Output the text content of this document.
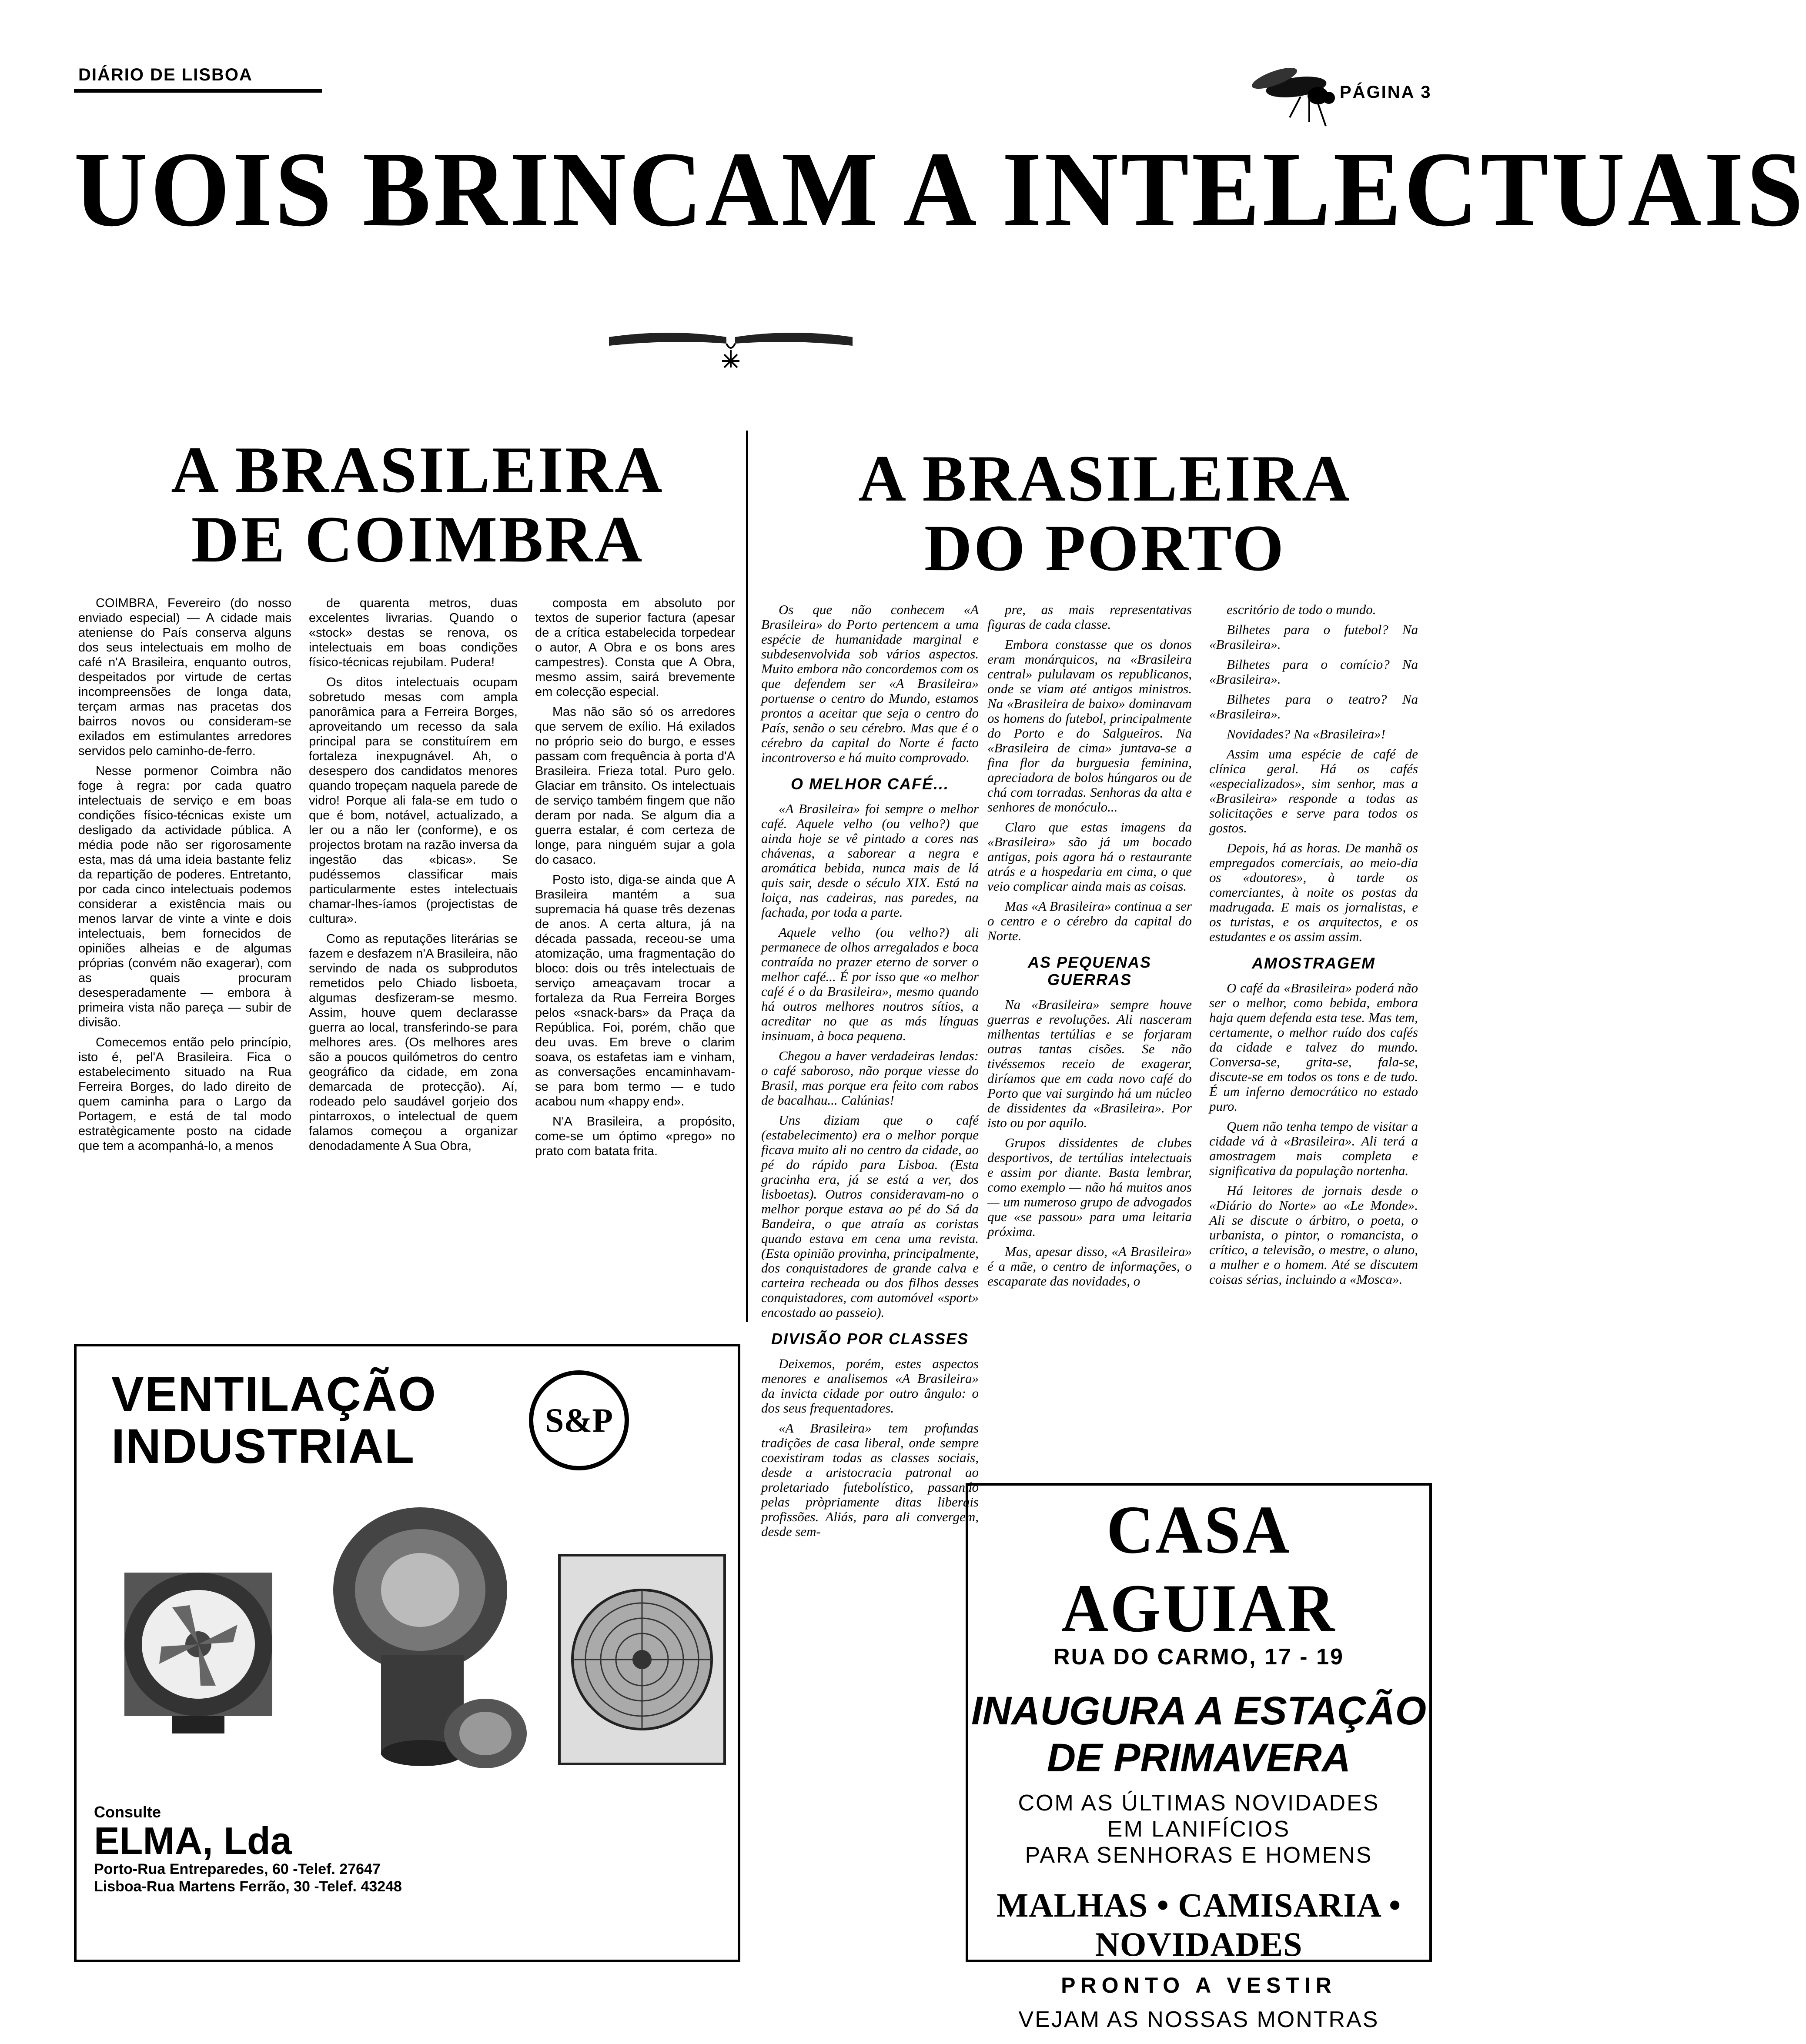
DIÁRIO DE LISBOA
PÁGINA 3
UOIS BRINCAM A INTELECTUAIS
A BRASILEIRA
DE COIMBRA

COIMBRA, Fevereiro (do nosso enviado especial) — A cidade mais ateniense do País conserva alguns dos seus intelectuais em molho de café n'A Brasileira, enquanto outros, despeitados por virtude de certas incompreensões de longa data, terçam armas nas pracetas dos bairros novos ou consideram-se exilados em estimulantes arredores servidos pelo caminho-de-ferro.

Nesse pormenor Coimbra não foge à regra: por cada quatro intelectuais de serviço e em boas condições físico-técnicas existe um desligado da actividade pública. A média pode não ser rigorosamente esta, mas dá uma ideia bastante feliz da repartição de poderes. Entretanto, por cada cinco intelectuais podemos considerar a existência mais ou menos larvar de vinte a vinte e dois intelectuais, bem fornecidos de opiniões alheias e de algumas próprias (convém não exagerar), com as quais procuram desesperadamente — embora à primeira vista não pareça — subir de divisão.

Comecemos então pelo princípio, isto é, pel'A Brasileira. Fica o estabelecimento situado na Rua Ferreira Borges, do lado direito de quem caminha para o Largo da Portagem, e está de tal modo estratègicamente posto na cidade que tem a acompanhá-lo, a menos

de quarenta metros, duas excelentes livrarias. Quando o «stock» destas se renova, os intelectuais em boas condições físico-técnicas rejubilam. Pudera!

Os ditos intelectuais ocupam sobretudo mesas com ampla panorâmica para a Ferreira Borges, aproveitando um recesso da sala principal para se constituírem em fortaleza inexpugnável. Ah, o desespero dos candidatos menores quando tropeçam naquela parede de vidro! Porque ali fala-se em tudo o que é bom, notável, actualizado, a ler ou a não ler (conforme), e os projectos brotam na razão inversa da ingestão das «bicas». Se pudéssemos classificar mais particularmente estes intelectuais chamar-lhes-íamos (projectistas de cultura».

Como as reputações literárias se fazem e desfazem n'A Brasileira, não servindo de nada os subprodutos remetidos pelo Chiado lisboeta, algumas desfizeram-se mesmo. Assim, houve quem declarasse guerra ao local, transferindo-se para melhores ares. (Os melhores ares são a poucos quilómetros do centro geográfico da cidade, em zona demarcada de protecção). Aí, rodeado pelo saudável gorjeio dos pintarroxos, o intelectual de quem falamos começou a organizar denodadamente A Sua Obra,

composta em absoluto por textos de superior factura (apesar de a crítica estabelecida torpedear o autor, A Obra e os bons ares campestres). Consta que A Obra, mesmo assim, sairá brevemente em colecção especial.

Mas não são só os arredores que servem de exílio. Há exilados no próprio seio do burgo, e esses passam com frequência à porta d'A Brasileira. Frieza total. Puro gelo. Glaciar em trânsito. Os intelectuais de serviço também fingem que não deram por nada. Se algum dia a guerra estalar, é com certeza de longe, para ninguém sujar a gola do casaco.

Posto isto, diga-se ainda que A Brasileira mantém a sua supremacia há quase três dezenas de anos. A certa altura, já na década passada, receou-se uma atomização, uma fragmentação do bloco: dois ou três intelectuais de serviço ameaçavam trocar a fortaleza da Rua Ferreira Borges pelos «snack-bars» da Praça da República. Foi, porém, chão que deu uvas. Em breve o clarim soava, os estafetas iam e vinham, as conversações encaminhavam-se para bom termo — e tudo acabou num «happy end».

N'A Brasileira, a propósito, come-se um óptimo «prego» no prato com batata frita.

A BRASILEIRA
DO PORTO

Os que não conhecem «A Brasileira» do Porto pertencem a uma espécie de humanidade marginal e subdesenvolvida sob vários aspectos. Muito embora não concordemos com os que defendem ser «A Brasileira» portuense o centro do Mundo, estamos prontos a aceitar que seja o centro do País, senão o seu cérebro. Mas que é o cérebro da capital do Norte é facto incontroverso e há muito comprovado.

O MELHOR CAFÉ...

«A Brasileira» foi sempre o melhor café. Aquele velho (ou velho?) que ainda hoje se vê pintado a cores nas chávenas, a saborear a negra e aromática bebida, nunca mais de lá quis sair, desde o século XIX. Está na loiça, nas cadeiras, nas paredes, na fachada, por toda a parte.

Aquele velho (ou velho?) ali permanece de olhos arregalados e boca contraída no prazer eterno de sorver o melhor café... É por isso que «o melhor café é o da Brasileira», mesmo quando há outros melhores noutros sítios, a acreditar no que as más línguas insinuam, à boca pequena.

Chegou a haver verdadeiras lendas: o café saboroso, não porque viesse do Brasil, mas porque era feito com rabos de bacalhau... Calúnias!

Uns diziam que o café (estabelecimento) era o melhor porque ficava muito ali no centro da cidade, ao pé do rápido para Lisboa. (Esta gracinha era, já se está a ver, dos lisboetas). Outros consideravam-no o melhor porque estava ao pé do Sá da Bandeira, o que atraía as coristas quando estava em cena uma revista. (Esta opinião provinha, principalmente, dos conquistadores de grande calva e carteira recheada ou dos filhos desses conquistadores, com automóvel «sport» encostado ao passeio).

DIVISÃO POR CLASSES

Deixemos, porém, estes aspectos menores e analisemos «A Brasileira» da invicta cidade por outro ângulo: o dos seus frequentadores.

«A Brasileira» tem profundas tradições de casa liberal, onde sempre coexistiram todas as classes sociais, desde a aristocracia patronal ao proletariado futebolístico, passando pelas pròpriamente ditas liberais profissões. Aliás, para ali convergem, desde sem-

pre, as mais representativas figuras de cada classe.

Embora constasse que os donos eram monárquicos, na «Brasileira central» pululavam os republicanos, onde se viam até antigos ministros. Na «Brasileira de baixo» dominavam os homens do futebol, principalmente do Porto e do Salgueiros. Na «Brasileira de cima» juntava-se a fina flor da burguesia feminina, apreciadora de bolos húngaros ou de chá com torradas. Senhoras da alta e senhores de monóculo...

Claro que estas imagens da «Brasileira» são já um bocado antigas, pois agora há o restaurante atrás e a hospedaria em cima, o que veio complicar ainda mais as coisas.

Mas «A Brasileira» continua a ser o centro e o cérebro da capital do Norte.

AS PEQUENAS GUERRAS

Na «Brasileira» sempre houve guerras e revoluções. Ali nasceram milhentas tertúlias e se forjaram outras tantas cisões. Se não tivéssemos receio de exagerar, diríamos que em cada novo café do Porto que vai surgindo há um núcleo de dissidentes da «Brasileira». Por isto ou por aquilo.

Grupos dissidentes de clubes desportivos, de tertúlias intelectuais e assim por diante. Basta lembrar, como exemplo — não há muitos anos — um numeroso grupo de advogados que «se passou» para uma leitaria próxima.

Mas, apesar disso, «A Brasileira» é a mãe, o centro de informações, o escaparate das novidades, o

escritório de todo o mundo.

Bilhetes para o futebol? Na «Brasileira».

Bilhetes para o comício? Na «Brasileira».

Bilhetes para o teatro? Na «Brasileira».

Novidades? Na «Brasileira»!

Assim uma espécie de café de clínica geral. Há os cafés «especializados», sim senhor, mas a «Brasileira» responde a todas as solicitações e serve para todos os gostos.

Depois, há as horas. De manhã os empregados comerciais, ao meio-dia os «doutores», à tarde os comerciantes, à noite os postas da madrugada. E mais os jornalistas, e os turistas, e os arquitectos, e os estudantes e os assim assim.

AMOSTRAGEM

O café da «Brasileira» poderá não ser o melhor, como bebida, embora haja quem defenda esta tese. Mas tem, certamente, o melhor ruído dos cafés da cidade e talvez do mundo. Conversa-se, grita-se, fala-se, discute-se em todos os tons e de tudo. É um inferno democrático no estado puro.

Quem não tenha tempo de visitar a cidade vá à «Brasileira». Ali terá a amostragem mais completa e significativa da população nortenha.

Há leitores de jornais desde o «Diário do Norte» ao «Le Monde». Ali se discute o árbitro, o poeta, o urbanista, o pintor, o romancista, o crítico, a televisão, o mestre, o aluno, a mulher e o homem. Até se discutem coisas sérias, incluindo a «Mosca».

VENTILAÇÃO
INDUSTRIAL	S&P
Consulte
ELMA, Lda
Porto-Rua Entreparedes, 60 -Telef. 27647
Lisboa-Rua Martens Ferrão, 30 -Telef. 43248
CASA AGUIAR
RUA DO CARMO, 17 - 19
INAUGURA A ESTAÇÃO
DE PRIMAVERA
COM AS ÚLTIMAS NOVIDADES
EM LANIFÍCIOS
PARA SENHORAS E HOMENS
MALHAS • CAMISARIA • NOVIDADES
PRONTO A VESTIR
VEJAM AS NOSSAS MONTRAS
